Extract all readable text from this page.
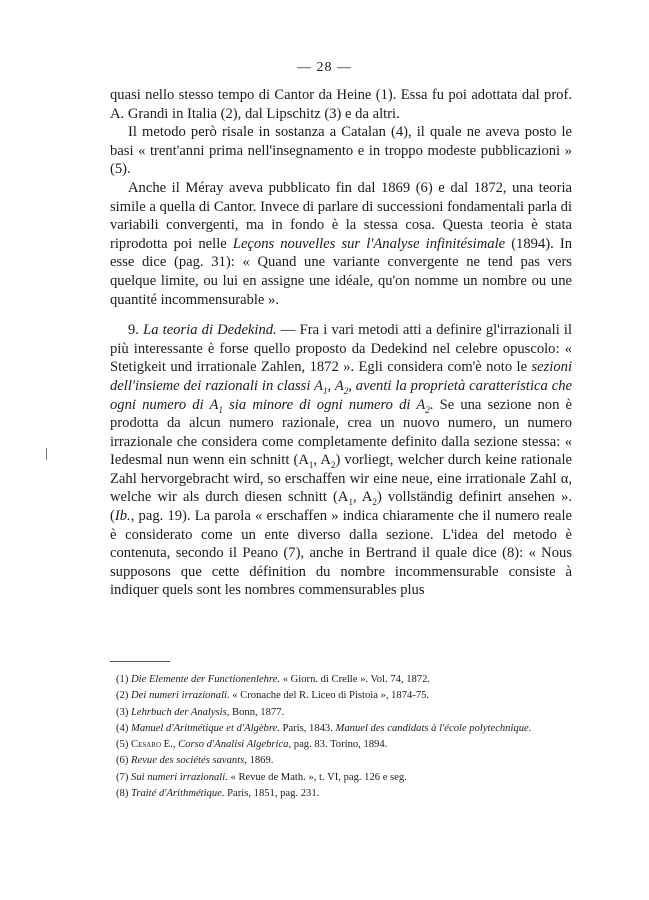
— 28 —

quasi nello stesso tempo di Cantor da Heine (1). Essa fu poi adottata dal prof. A. Grandi in Italia (2), dal Lipschitz (3) e da altri.

Il metodo però risale in sostanza a Catalan (4), il quale ne aveva posto le basi « trent'anni prima nell'insegnamento e in troppo modeste pubblicazioni » (5).

Anche il Méray aveva pubblicato fin dal 1869 (6) e dal 1872, una teoria simile a quella di Cantor. Invece di parlare di successioni fondamentali parla di variabili convergenti, ma in fondo è la stessa cosa. Questa teoria è stata riprodotta poi nelle Leçons nouvelles sur l'Analyse infinitésimale (1894). In esse dice (pag. 31): « Quand une variante convergente ne tend pas vers quelque limite, ou lui en assigne une idéale, qu'on nomme un nombre ou une quantité incommensurable ».

9. La teoria di Dedekind. — Fra i vari metodi atti a definire gl'irrazionali il più interessante è forse quello proposto da Dedekind nel celebre opuscolo: « Stetigkeit und irrationale Zahlen, 1872 ». Egli considera com'è noto le sezioni dell'insieme dei razionali in classi $A_1$, $A_2$, aventi la proprietà caratteristica che ogni numero di $A_1$ sia minore di ogni numero di $A_2$. Se una sezione non è prodotta da alcun numero razionale, crea un nuovo numero, un numero irrazionale che considera come completamente definito dalla sezione stessa: « Iedesmal nun wenn ein schnitt ($A_1$, $A_2$) vorliegt, welcher durch keine rationale Zahl hervorgebracht wird, so erschaffen wir eine neue, eine irrationale Zahl α, welche wir als durch diesen schnitt ($A_1$, $A_2$) vollständig definirt ansehen ». (Ib., pag. 19). La parola « erschaffen » indica chiaramente che il numero reale è considerato come un ente diverso dalla sezione. L'idea del metodo è contenuta, secondo il Peano (7), anche in Bertrand il quale dice (8): « Nous supposons que cette définition du nombre incommensurable consiste à indiquer quels sont les nombres commensurables plus

(1) Die Elemente der Functionenlehre. « Giorn. di Crelle ». Vol. 74, 1872.

(2) Dei numeri irrazionali. « Cronache del R. Liceo di Pistoia », 1874-75.

(3) Lehrbuch der Analysis, Bonn, 1877.

(4) Manuel d'Aritmétique et d'Algèbre. Paris, 1843. Manuel des candidats à l'école polytechnique.

(5) Cesaro E., Corso d'Analisi Algebrica, pag. 83. Torino, 1894.

(6) Revue des sociétés savants, 1869.

(7) Sui numeri irrazionali. « Revue de Math. », t. VI, pag. 126 e seg.

(8) Traité d'Arithmétique. Paris, 1851, pag. 231.
